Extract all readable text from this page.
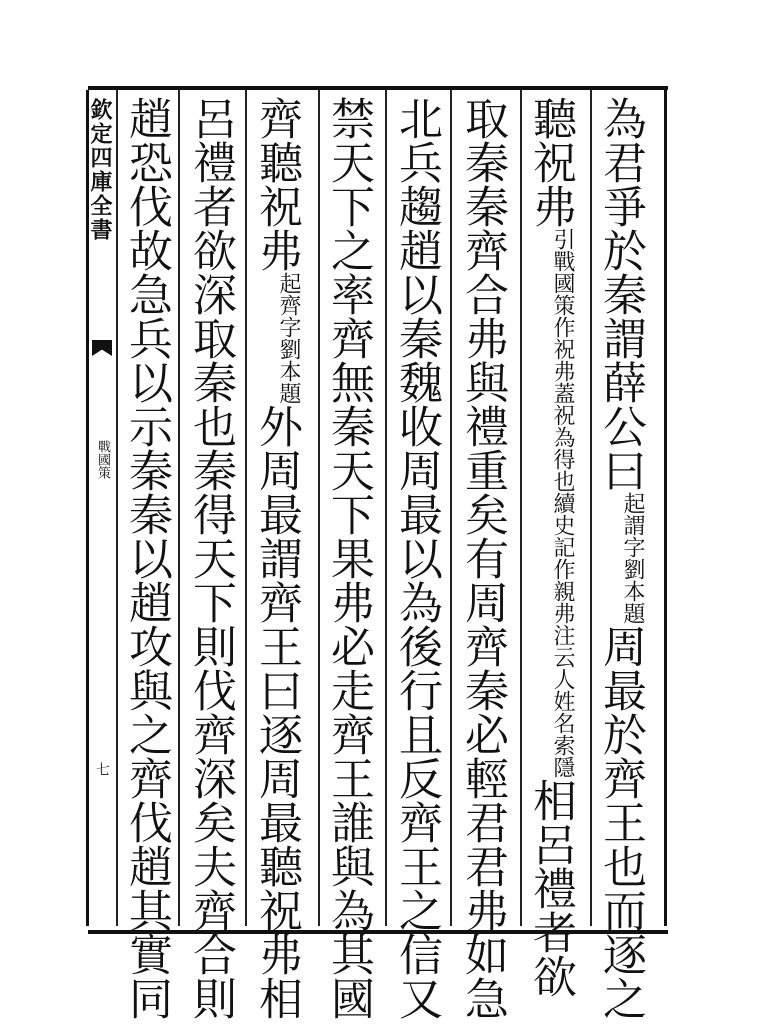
欽定四庫全書
戰國策
七
為君爭於秦謂薛公曰
劉本題
起謂字
周最於齊王也而逐之
聽祝弗
續史記作親弗注云人姓名索隱
引戰國策作祝弗蓋祝為得也
相呂禮者欲
取秦秦齊合弗與禮重矣有周齊秦必輕君君弗如急
北兵趨趙以秦魏收周最以為後行且反齊王之信又
禁天下之率齊無秦天下果弗必走齊王誰與為其國
齊聽祝弗
劉本題
起齊字
外周最謂齊王曰逐周最聽祝弗相
呂禮者欲深取秦也秦得天下則伐齊深矣夫齊合則
趙恐伐故急兵以示秦秦以趙攻與之齊伐趙其實同
